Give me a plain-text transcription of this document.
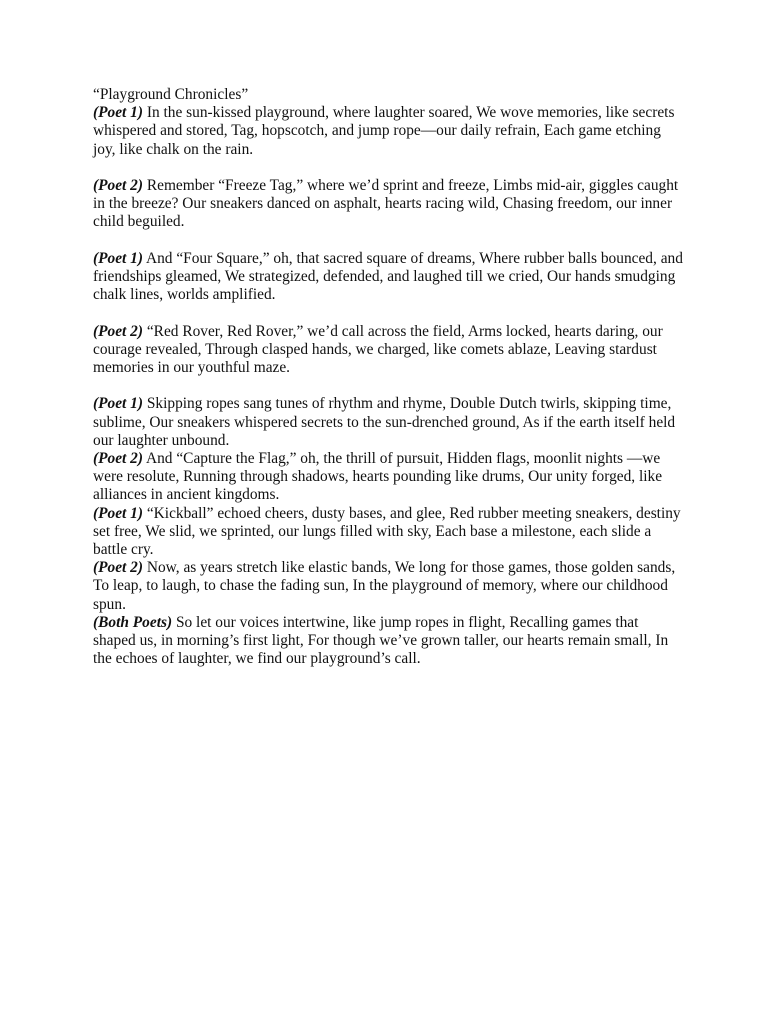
“Playground Chronicles”

(Poet 1) In the sun-kissed playground, where laughter soared, We wove memories, like secrets whispered and stored, Tag, hopscotch, and jump rope—our daily refrain, Each game etching joy, like chalk on the rain.

(Poet 2) Remember “Freeze Tag,” where we’d sprint and freeze, Limbs mid-air, giggles caught in the breeze? Our sneakers danced on asphalt, hearts racing wild, Chasing freedom, our inner child beguiled.

(Poet 1) And “Four Square,” oh, that sacred square of dreams, Where rubber balls bounced, and friendships gleamed, We strategized, defended, and laughed till we cried, Our hands smudging chalk lines, worlds amplified.

(Poet 2) “Red Rover, Red Rover,” we’d call across the field, Arms locked, hearts daring, our courage revealed, Through clasped hands, we charged, like comets ablaze, Leaving stardust memories in our youthful maze.

(Poet 1) Skipping ropes sang tunes of rhythm and rhyme, Double Dutch twirls, skipping time, sublime, Our sneakers whispered secrets to the sun-drenched ground, As if the earth itself held our laughter unbound.

(Poet 2) And “Capture the Flag,” oh, the thrill of pursuit, Hidden flags, moonlit nights —we were resolute, Running through shadows, hearts pounding like drums, Our unity forged, like alliances in ancient kingdoms.

(Poet 1) “Kickball” echoed cheers, dusty bases, and glee, Red rubber meeting sneakers, destiny set free, We slid, we sprinted, our lungs filled with sky, Each base a milestone, each slide a battle cry.

(Poet 2) Now, as years stretch like elastic bands, We long for those games, those golden sands, To leap, to laugh, to chase the fading sun, In the playground of memory, where our childhood spun.

(Both Poets) So let our voices intertwine, like jump ropes in flight, Recalling games that shaped us, in morning’s first light, For though we’ve grown taller, our hearts remain small, In the echoes of laughter, we find our playground’s call.
